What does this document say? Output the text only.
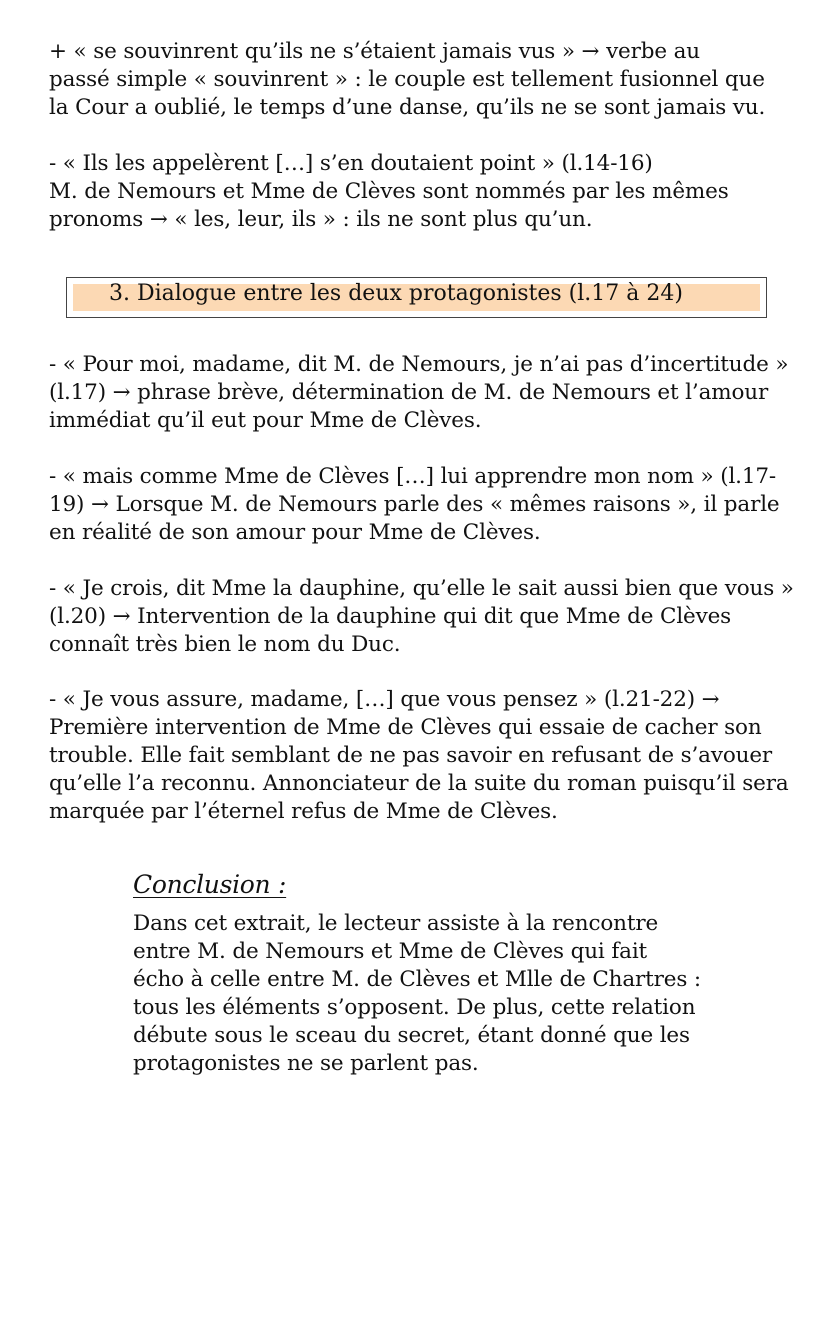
+ « se souvinrent qu’ils ne s’étaient jamais vus » → verbe au
passé simple « souvinrent » : le couple est tellement fusionnel que
la Cour a oublié, le temps d’une danse, qu’ils ne se sont jamais vu.
- « Ils les appelèrent […] s’en doutaient point » (l.14-16)
M. de Nemours et Mme de Clèves sont nommés par les mêmes
pronoms → « les, leur, ils » : ils ne sont plus qu’un.
3. Dialogue entre les deux protagonistes (l.17 à 24)
- « Pour moi, madame, dit M. de Nemours, je n’ai pas d’incertitude »
(l.17) → phrase brève, détermination de M. de Nemours et l’amour
immédiat qu’il eut pour Mme de Clèves.
- « mais comme Mme de Clèves […] lui apprendre mon nom » (l.17-
19) → Lorsque M. de Nemours parle des « mêmes raisons », il parle
en réalité de son amour pour Mme de Clèves.
- « Je crois, dit Mme la dauphine, qu’elle le sait aussi bien que vous »
(l.20) → Intervention de la dauphine qui dit que Mme de Clèves
connaît très bien le nom du Duc.
- « Je vous assure, madame, […] que vous pensez » (l.21-22) →
Première intervention de Mme de Clèves qui essaie de cacher son
trouble. Elle fait semblant de ne pas savoir en refusant de s’avouer
qu’elle l’a reconnu. Annonciateur de la suite du roman puisqu’il sera
marquée par l’éternel refus de Mme de Clèves.
Conclusion :
Dans cet extrait, le lecteur assiste à la rencontre
entre M. de Nemours et Mme de Clèves qui fait
écho à celle entre M. de Clèves et Mlle de Chartres :
tous les éléments s’opposent. De plus, cette relation
débute sous le sceau du secret, étant donné que les
protagonistes ne se parlent pas.
